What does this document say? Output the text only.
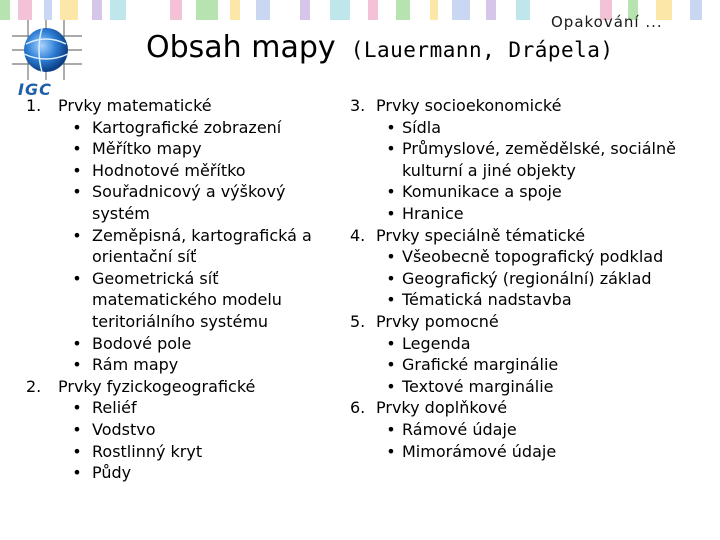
IGC
Opakování ...
Obsah mapy (Lauermann, Drápela)
1.	Prvky matematické
• Kartografické zobrazení
• Měřítko mapy
• Hodnotové měřítko
• Souřadnicový a výškový systém
• Zeměpisná, kartografická a orientační síť
• Geometrická síť matematického modelu teritoriálního systému
• Bodové pole
• Rám mapy
2.	Prvky fyzickogeografické
• Reliéf
• Vodstvo
• Rostlinný kryt
• Půdy
3. Prvky socioekonomické
• Sídla
• Průmyslové, zemědělské, sociálně kulturní a jiné objekty
• Komunikace a spoje
• Hranice
4. Prvky speciálně tématické
• Všeobecně topografický podklad
• Geografický (regionální) základ
• Tématická nadstavba
5. Prvky pomocné
• Legenda
• Grafické marginálie
• Textové marginálie
6. Prvky doplňkové
• Rámové údaje
• Mimorámové údaje
